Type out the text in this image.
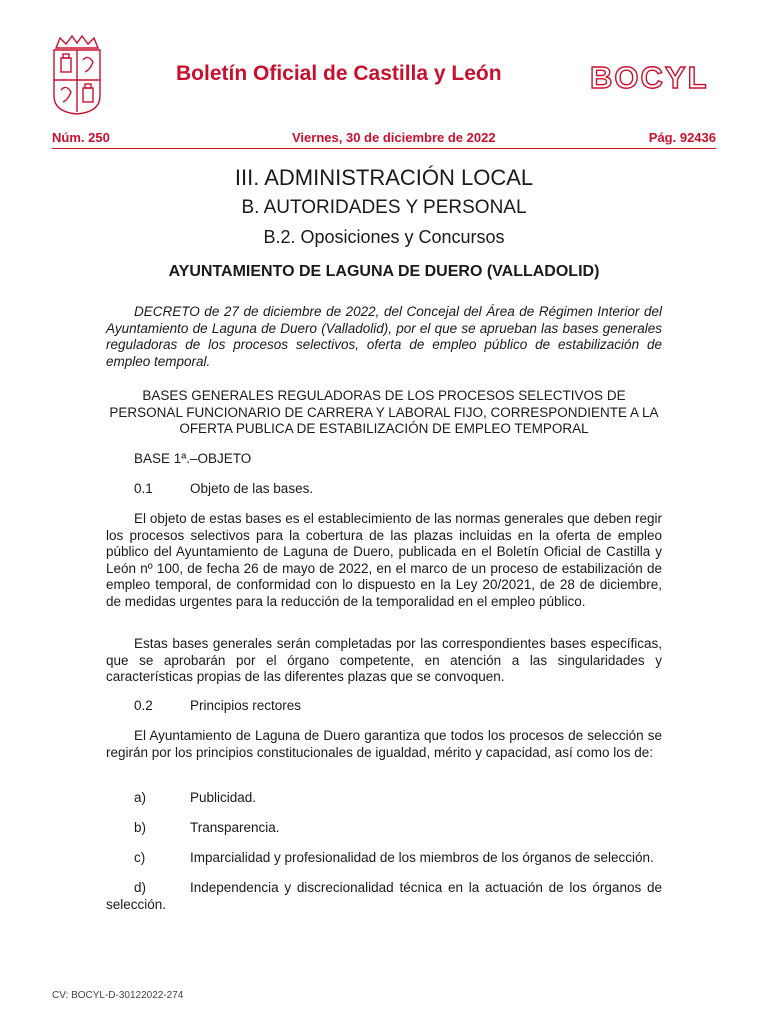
Boletín Oficial de Castilla y León	BOCYL
Núm. 250	Viernes, 30 de diciembre de 2022	Pág. 92436
III. ADMINISTRACIÓN LOCAL
B. AUTORIDADES Y PERSONAL
B.2. Oposiciones y Concursos
AYUNTAMIENTO DE LAGUNA DE DUERO (VALLADOLID)
DECRETO de 27 de diciembre de 2022, del Concejal del Área de Régimen Interior del Ayuntamiento de Laguna de Duero (Valladolid), por el que se aprueban las bases generales reguladoras de los procesos selectivos, oferta de empleo público de estabilización de empleo temporal.
BASES GENERALES REGULADORAS DE LOS PROCESOS SELECTIVOS DE PERSONAL FUNCIONARIO DE CARRERA Y LABORAL FIJO, CORRESPONDIENTE A LA OFERTA PUBLICA DE ESTABILIZACIÓN DE EMPLEO TEMPORAL
BASE 1ª.–OBJETO
0.1	Objeto de las bases.
El objeto de estas bases es el establecimiento de las normas generales que deben regir los procesos selectivos para la cobertura de las plazas incluidas en la oferta de empleo público del Ayuntamiento de Laguna de Duero, publicada en el Boletín Oficial de Castilla y León nº 100, de fecha 26 de mayo de 2022, en el marco de un proceso de estabilización de empleo temporal, de conformidad con lo dispuesto en la Ley 20/2021, de 28 de diciembre, de medidas urgentes para la reducción de la temporalidad en el empleo público.
Estas bases generales serán completadas por las correspondientes bases específicas, que se aprobarán por el órgano competente, en atención a las singularidades y características propias de las diferentes plazas que se convoquen.
0.2	Principios rectores
El Ayuntamiento de Laguna de Duero garantiza que todos los procesos de selección se regirán por los principios constitucionales de igualdad, mérito y capacidad, así como los de:
a)	Publicidad.
b)	Transparencia.
c)	Imparcialidad y profesionalidad de los miembros de los órganos de selección.
d)	Independencia y discrecionalidad técnica en la actuación de los órganos de selección.
CV: BOCYL-D-30122022-274
